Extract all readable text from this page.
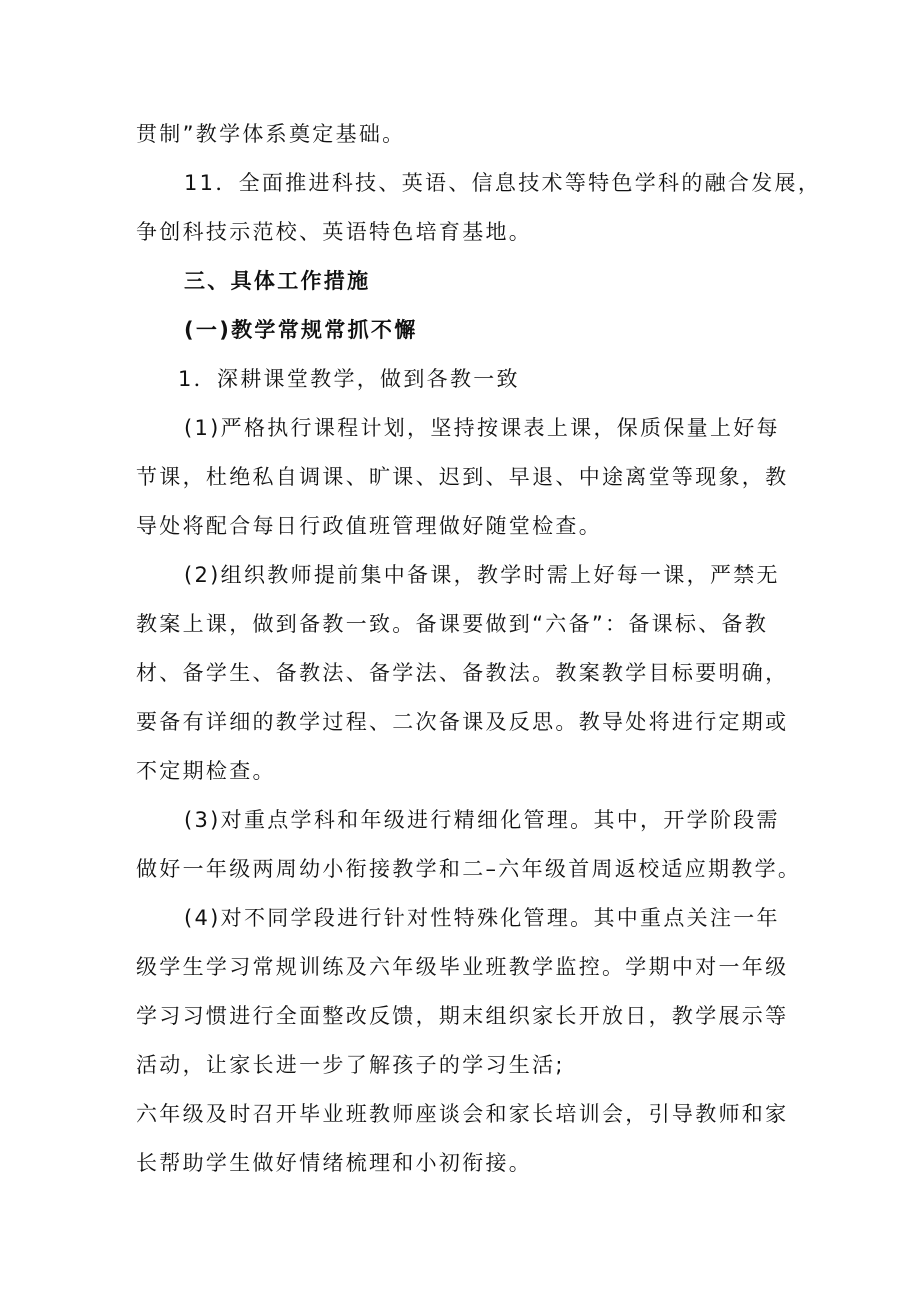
贯制”教学体系奠定基础。
11．全面推进科技、英语、信息技术等特色学科的融合发展，
争创科技示范校、英语特色培育基地。
三、具体工作措施
(一)教学常规常抓不懈
1．深耕课堂教学，做到各教一致
(1)严格执行课程计划，坚持按课表上课，保质保量上好每
节课，杜绝私自调课、旷课、迟到、早退、中途离堂等现象，教
导处将配合每日行政值班管理做好随堂检查。
(2)组织教师提前集中备课，教学时需上好每一课，严禁无
教案上课，做到备教一致。备课要做到“六备”：备课标、备教
材、备学生、备教法、备学法、备教法。教案教学目标要明确，
要备有详细的教学过程、二次备课及反思。教导处将进行定期或
不定期检查。
(3)对重点学科和年级进行精细化管理。其中，开学阶段需
做好一年级两周幼小衔接教学和二–六年级首周返校适应期教学。
(4)对不同学段进行针对性特殊化管理。其中重点关注一年
级学生学习常规训练及六年级毕业班教学监控。学期中对一年级
学习习惯进行全面整改反馈，期末组织家长开放日，教学展示等
活动，让家长进一步了解孩子的学习生活;
六年级及时召开毕业班教师座谈会和家长培训会，引导教师和家
长帮助学生做好情绪梳理和小初衔接。
